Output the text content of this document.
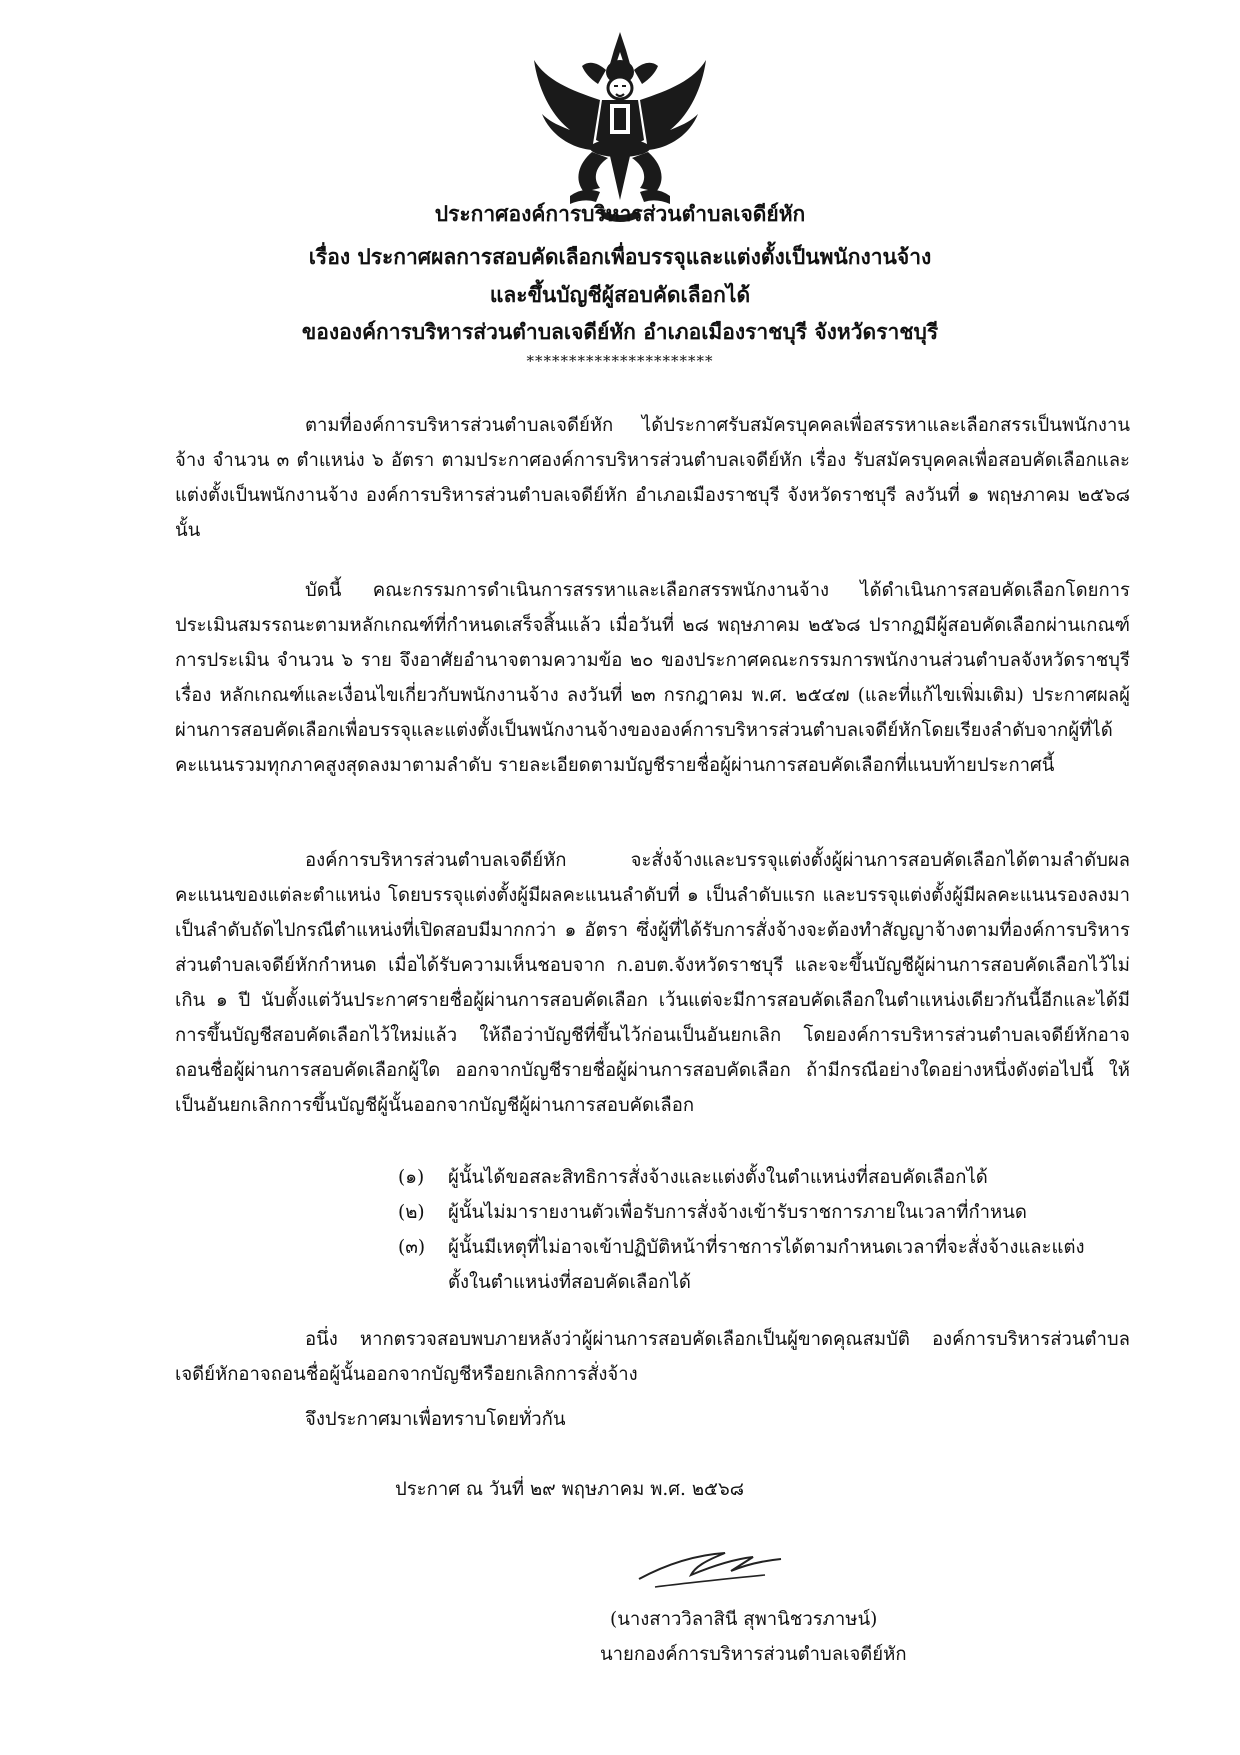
ประกาศองค์การบริหารส่วนตำบลเจดีย์หัก
เรื่อง ประกาศผลการสอบคัดเลือกเพื่อบรรจุและแต่งตั้งเป็นพนักงานจ้าง
และขึ้นบัญชีผู้สอบคัดเลือกได้
ขององค์การบริหารส่วนตำบลเจดีย์หัก อำเภอเมืองราชบุรี จังหวัดราชบุรี
**********************

ตามที่องค์การบริหารส่วนตำบลเจดีย์หัก ได้ประกาศรับสมัครบุคคลเพื่อสรรหาและเลือกสรรเป็นพนักงานจ้าง จำนวน ๓ ตำแหน่ง ๖ อัตรา ตามประกาศองค์การบริหารส่วนตำบลเจดีย์หัก เรื่อง รับสมัครบุคคลเพื่อสอบคัดเลือกและแต่งตั้งเป็นพนักงานจ้าง องค์การบริหารส่วนตำบลเจดีย์หัก อำเภอเมืองราชบุรี จังหวัดราชบุรี ลงวันที่ ๑ พฤษภาคม ๒๕๖๘ นั้น

บัดนี้ คณะกรรมการดำเนินการสรรหาและเลือกสรรพนักงานจ้าง ได้ดำเนินการสอบคัดเลือกโดยการประเมินสมรรถนะตามหลักเกณฑ์ที่กำหนดเสร็จสิ้นแล้ว เมื่อวันที่ ๒๘ พฤษภาคม ๒๕๖๘ ปรากฏมีผู้สอบคัดเลือกผ่านเกณฑ์การประเมิน จำนวน ๖ ราย จึงอาศัยอำนาจตามความข้อ ๒๐ ของประกาศคณะกรรมการพนักงานส่วนตำบลจังหวัดราชบุรี เรื่อง หลักเกณฑ์และเงื่อนไขเกี่ยวกับพนักงานจ้าง ลงวันที่ ๒๓ กรกฎาคม พ.ศ. ๒๕๔๗ (และที่แก้ไขเพิ่มเติม) ประกาศผลผู้ผ่านการสอบคัดเลือกเพื่อบรรจุและแต่งตั้งเป็นพนักงานจ้างขององค์การบริหารส่วนตำบลเจดีย์หักโดยเรียงลำดับจากผู้ที่ได้คะแนนรวมทุกภาคสูงสุดลงมาตามลำดับ รายละเอียดตามบัญชีรายชื่อผู้ผ่านการสอบคัดเลือกที่แนบท้ายประกาศนี้

องค์การบริหารส่วนตำบลเจดีย์หัก จะสั่งจ้างและบรรจุแต่งตั้งผู้ผ่านการสอบคัดเลือกได้ตามลำดับผลคะแนนของแต่ละตำแหน่ง โดยบรรจุแต่งตั้งผู้มีผลคะแนนลำดับที่ ๑ เป็นลำดับแรก และบรรจุแต่งตั้งผู้มีผลคะแนนรองลงมาเป็นลำดับถัดไปกรณีตำแหน่งที่เปิดสอบมีมากกว่า ๑ อัตรา ซึ่งผู้ที่ได้รับการสั่งจ้างจะต้องทำสัญญาจ้างตามที่องค์การบริหารส่วนตำบลเจดีย์หักกำหนด เมื่อได้รับความเห็นชอบจาก ก.อบต.จังหวัดราชบุรี และจะขึ้นบัญชีผู้ผ่านการสอบคัดเลือกไว้ไม่เกิน ๑ ปี นับตั้งแต่วันประกาศรายชื่อผู้ผ่านการสอบคัดเลือก เว้นแต่จะมีการสอบคัดเลือกในตำแหน่งเดียวกันนี้อีกและได้มีการขึ้นบัญชีสอบคัดเลือกไว้ใหม่แล้ว ให้ถือว่าบัญชีที่ขึ้นไว้ก่อนเป็นอันยกเลิก โดยองค์การบริหารส่วนตำบลเจดีย์หักอาจถอนชื่อผู้ผ่านการสอบคัดเลือกผู้ใด ออกจากบัญชีรายชื่อผู้ผ่านการสอบคัดเลือก ถ้ามีกรณีอย่างใดอย่างหนึ่งดังต่อไปนี้ ให้เป็นอันยกเลิกการขึ้นบัญชีผู้นั้นออกจากบัญชีผู้ผ่านการสอบคัดเลือก

(๑) ผู้นั้นได้ขอสละสิทธิการสั่งจ้างและแต่งตั้งในตำแหน่งที่สอบคัดเลือกได้
(๒) ผู้นั้นไม่มารายงานตัวเพื่อรับการสั่งจ้างเข้ารับราชการภายในเวลาที่กำหนด
(๓) ผู้นั้นมีเหตุที่ไม่อาจเข้าปฏิบัติหน้าที่ราชการได้ตามกำหนดเวลาที่จะสั่งจ้างและแต่งตั้งในตำแหน่งที่สอบคัดเลือกได้

อนึ่ง หากตรวจสอบพบภายหลังว่าผู้ผ่านการสอบคัดเลือกเป็นผู้ขาดคุณสมบัติ องค์การบริหารส่วนตำบลเจดีย์หักอาจถอนชื่อผู้นั้นออกจากบัญชีหรือยกเลิกการสั่งจ้าง

จึงประกาศมาเพื่อทราบโดยทั่วกัน
ประกาศ ณ วันที่ ๒๙ พฤษภาคม พ.ศ. ๒๕๖๘
(นางสาววิลาสินี สุพานิชวรภาษน์)
นายกองค์การบริหารส่วนตำบลเจดีย์หัก
